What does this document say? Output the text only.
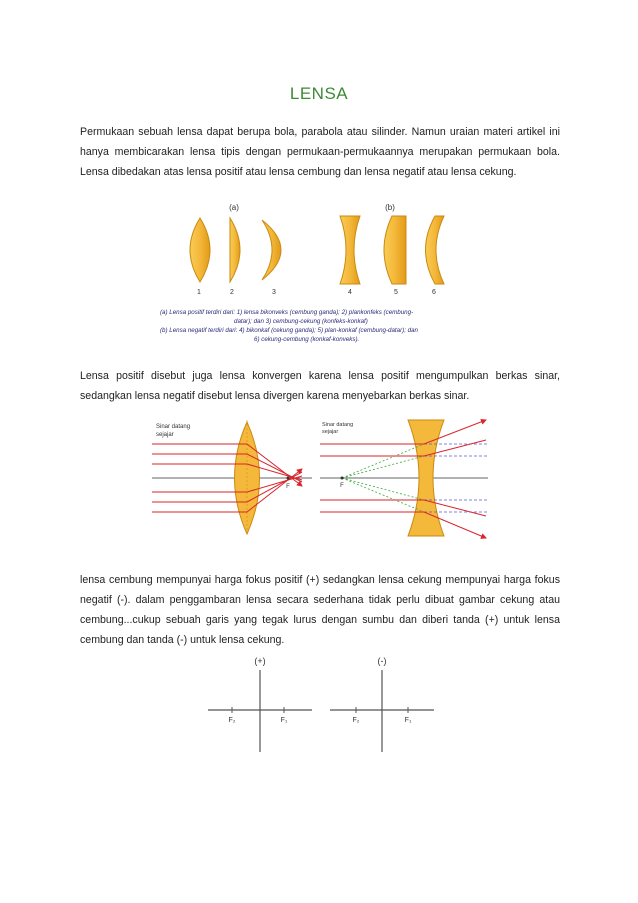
LENSA

Permukaan sebuah lensa dapat berupa bola, parabola atau silinder. Namun uraian materi artikel ini hanya membicarakan lensa tipis dengan permukaan-permukaannya merupakan permukaan bola. Lensa dibedakan atas lensa positif atau lensa cembung dan lensa negatif atau lensa cekung.

(a)	(b)
1	2	3	4	5	6
(a) Lensa positif terdiri dari: 1) lensa bikonveks (cembung ganda); 2) plankonfeks (cembung-
datar); dan 3) cembung-cekung (konfeks-konkaf)
(b) Lensa negatif terdiri dari: 4) bikonkaf (cekung ganda); 5) plan-konkaf (cembung-datar); dan
6) cekung-cembung (konkaf-konveks).

Lensa positif disebut juga lensa konvergen karena lensa positif mengumpulkan berkas sinar, sedangkan lensa negatif disebut lensa divergen karena menyebarkan berkas sinar.

F
Sinar datang
sejajar
F
Sinar datang
sejajar

lensa cembung mempunyai harga fokus positif (+) sedangkan lensa cekung mempunyai harga fokus negatif (-). dalam penggambaran lensa secara sederhana tidak perlu dibuat gambar cekung atau cembung...cukup sebuah garis yang tegak lurus dengan sumbu dan diberi tanda (+) untuk lensa cembung dan tanda (-) untuk lensa cekung.

(+)
F₂	F₁
(-)
F₂	F₁
